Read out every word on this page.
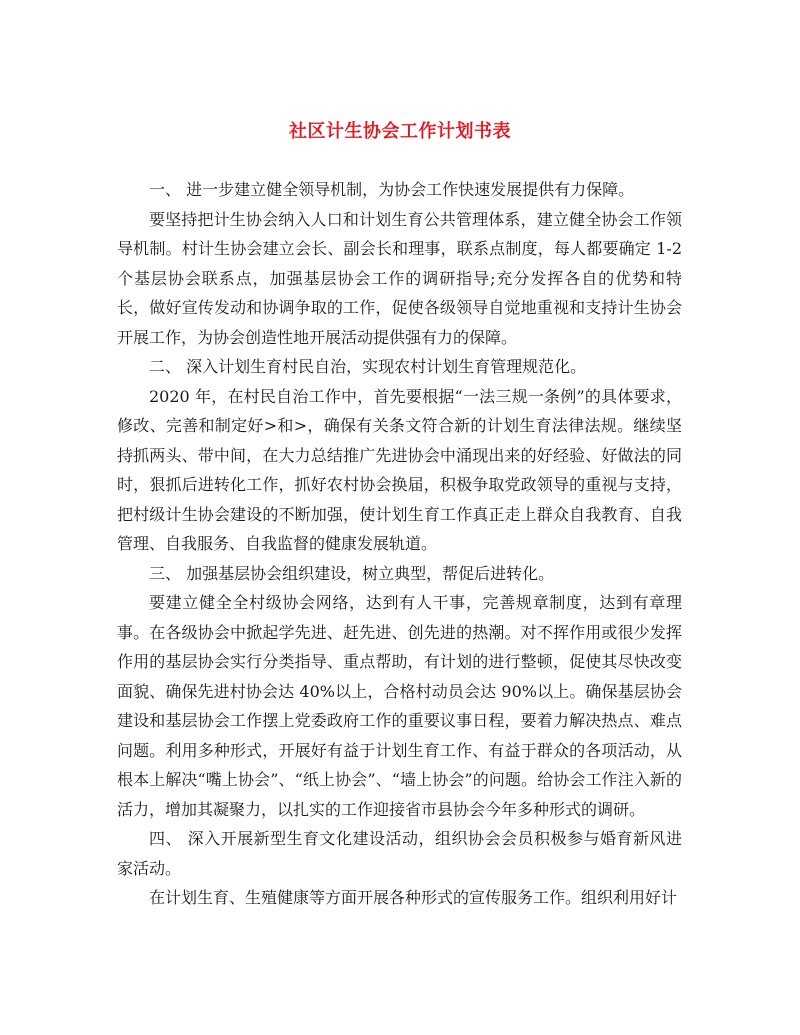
社区计生协会工作计划书表

一、 进一步建立健全领导机制，为协会工作快速发展提供有力保障。

要坚持把计生协会纳入人口和计划生育公共管理体系，建立健全协会工作领导机制。村计生协会建立会长、副会长和理事，联系点制度，每人都要确定 1-2 个基层协会联系点，加强基层协会工作的调研指导;充分发挥各自的优势和特长，做好宣传发动和协调争取的工作，促使各级领导自觉地重视和支持计生协会开展工作，为协会创造性地开展活动提供强有力的保障。

二、 深入计划生育村民自治，实现农村计划生育管理规范化。

2020 年，在村民自治工作中，首先要根据“一法三规一条例”的具体要求，修改、完善和制定好>和>，确保有关条文符合新的计划生育法律法规。继续坚持抓两头、带中间，在大力总结推广先进协会中涌现出来的好经验、好做法的同时，狠抓后进转化工作，抓好农村协会换届，积极争取党政领导的重视与支持，把村级计生协会建设的不断加强，使计划生育工作真正走上群众自我教育、自我管理、自我服务、自我监督的健康发展轨道。

三、 加强基层协会组织建设，树立典型，帮促后进转化。

要建立健全全村级协会网络，达到有人干事，完善规章制度，达到有章理事。在各级协会中掀起学先进、赶先进、创先进的热潮。对不挥作用或很少发挥作用的基层协会实行分类指导、重点帮助，有计划的进行整顿，促使其尽快改变面貌、确保先进村协会达 40%以上，合格村动员会达 90%以上。确保基层协会建设和基层协会工作摆上党委政府工作的重要议事日程，要着力解决热点、难点问题。利用多种形式，开展好有益于计划生育工作、有益于群众的各项活动，从根本上解决“嘴上协会”、“纸上协会”、“墙上协会”的问题。给协会工作注入新的活力，增加其凝聚力，以扎实的工作迎接省市县协会今年多种形式的调研。

四、 深入开展新型生育文化建设活动，组织协会会员积极参与婚育新风进家活动。

在计划生育、生殖健康等方面开展各种形式的宣传服务工作。组织利用好计
